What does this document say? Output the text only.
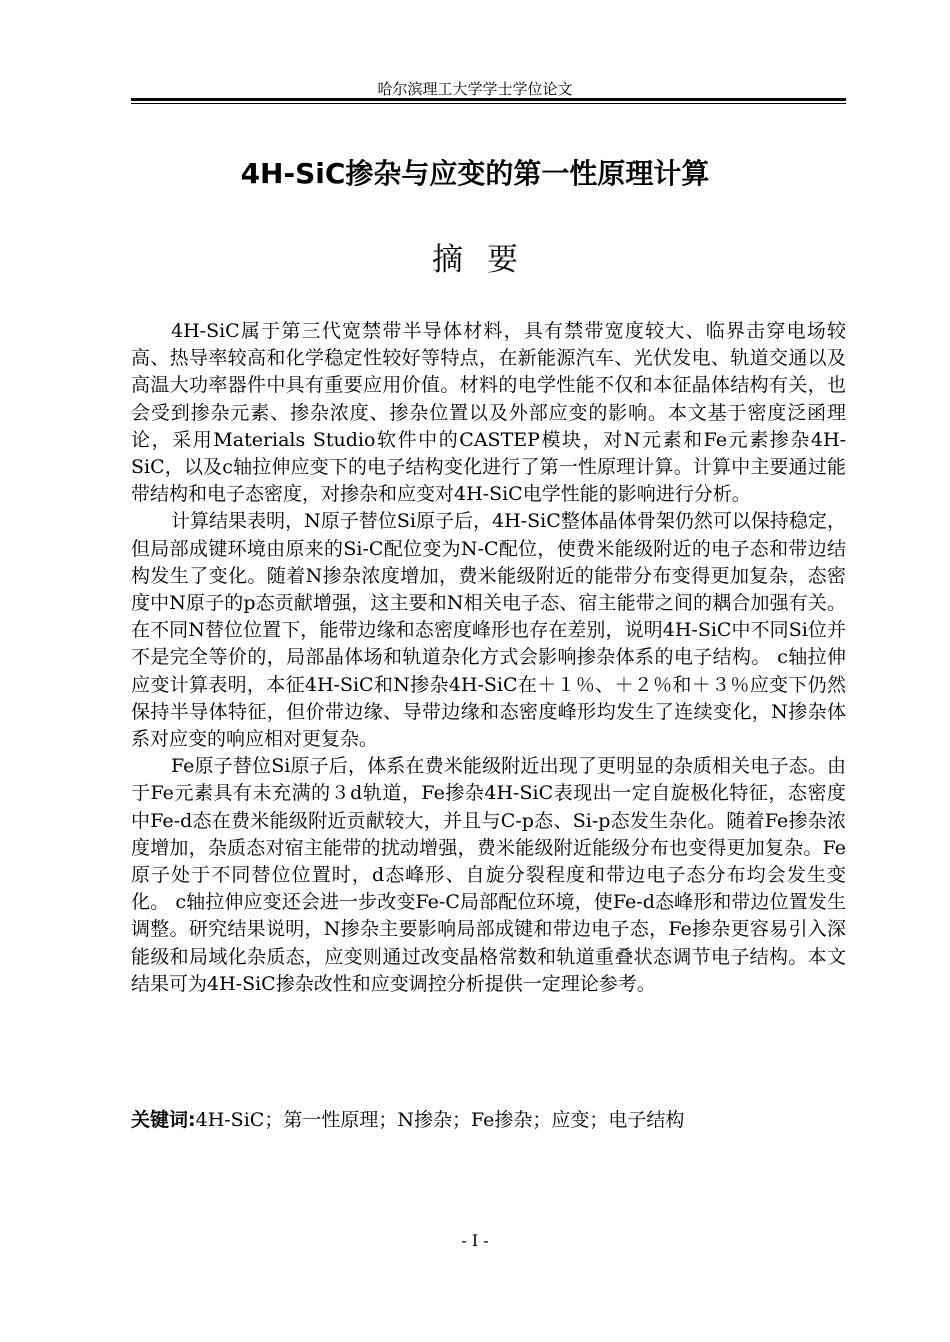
哈尔滨理工大学学士学位论文
4H-SiC掺杂与应变的第一性原理计算
摘要

4H-SiC属于第三代宽禁带半导体材料，具有禁带宽度较大、临界击穿电场较高、热导率较高和化学稳定性较好等特点，在新能源汽车、光伏发电、轨道交通以及高温大功率器件中具有重要应用价值。材料的电学性能不仅和本征晶体结构有关，也会受到掺杂元素、掺杂浓度、掺杂位置以及外部应变的影响。本文基于密度泛函理论，采用Materials Studio软件中的CASTEP模块，对N元素和Fe元素掺杂4H-SiC，以及c轴拉伸应变下的电子结构变化进行了第一性原理计算。计算中主要通过能带结构和电子态密度，对掺杂和应变对4H-SiC电学性能的影响进行分析。

计算结果表明，N原子替位Si原子后，4H-SiC整体晶体骨架仍然可以保持稳定，但局部成键环境由原来的Si-C配位变为N-C配位，使费米能级附近的电子态和带边结构发生了变化。随着N掺杂浓度增加，费米能级附近的能带分布变得更加复杂，态密度中N原子的p态贡献增强，这主要和N相关电子态、宿主能带之间的耦合加强有关。在不同N替位位置下，能带边缘和态密度峰形也存在差别，说明4H-SiC中不同Si位并不是完全等价的，局部晶体场和轨道杂化方式会影响掺杂体系的电子结构。 c轴拉伸应变计算表明，本征4H-SiC和N掺杂4H-SiC在＋１％、＋２％和＋３％应变下仍然保持半导体特征，但价带边缘、导带边缘和态密度峰形均发生了连续变化，N掺杂体系对应变的响应相对更复杂。

Fe原子替位Si原子后，体系在费米能级附近出现了更明显的杂质相关电子态。由于Fe元素具有未充满的３d轨道，Fe掺杂4H-SiC表现出一定自旋极化特征，态密度中Fe-d态在费米能级附近贡献较大，并且与C-p态、Si-p态发生杂化。随着Fe掺杂浓度增加，杂质态对宿主能带的扰动增强，费米能级附近能级分布也变得更加复杂。Fe原子处于不同替位位置时，d态峰形、自旋分裂程度和带边电子态分布均会发生变化。 c轴拉伸应变还会进一步改变Fe-C局部配位环境，使Fe-d态峰形和带边位置发生调整。研究结果说明，N掺杂主要影响局部成键和带边电子态，Fe掺杂更容易引入深能级和局域化杂质态，应变则通过改变晶格常数和轨道重叠状态调节电子结构。本文结果可为4H-SiC掺杂改性和应变调控分析提供一定理论参考。

关键词:4H-SiC；第一性原理；N掺杂；Fe掺杂；应变；电子结构
- I -
